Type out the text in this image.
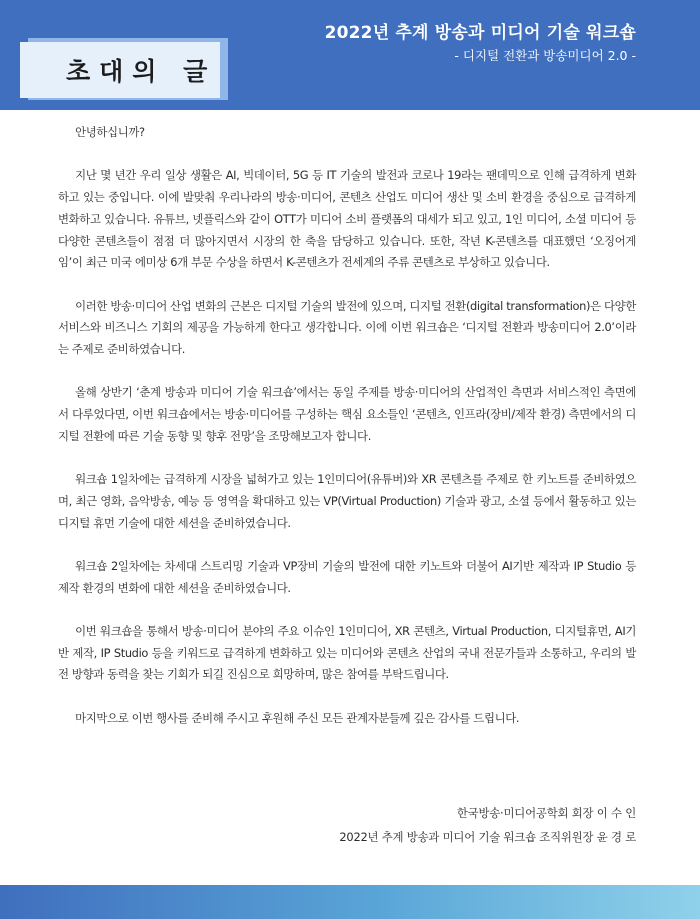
2022년 추계 방송과 미디어 기술 워크숍
- 디지털 전환과 방송미디어 2.0 -
초대의 글

안녕하십니까?

지난 몇 년간 우리 일상 생활은 AI, 빅데이터, 5G 등 IT 기술의 발전과 코로나 19라는 팬데믹으로 인해 급격하게 변화하고 있는 중입니다. 이에 발맞춰 우리나라의 방송·미디어, 콘텐츠 산업도 미디어 생산 및 소비 환경을 중심으로 급격하게 변화하고 있습니다. 유튜브, 넷플릭스와 같이 OTT가 미디어 소비 플랫폼의 대세가 되고 있고, 1인 미디어, 소셜 미디어 등 다양한 콘텐츠들이 점점 더 많아지면서 시장의 한 축을 담당하고 있습니다. 또한, 작년 K-콘텐츠를 대표했던 ‘오징어게임’이 최근 미국 에미상 6개 부문 수상을 하면서 K-콘텐츠가 전세계의 주류 콘텐츠로 부상하고 있습니다.

이러한 방송·미디어 산업 변화의 근본은 디지털 기술의 발전에 있으며, 디지털 전환(digital transformation)은 다양한 서비스와 비즈니스 기회의 제공을 가능하게 한다고 생각합니다. 이에 이번 워크숍은 ‘디지털 전환과 방송미디어 2.0’이라는 주제로 준비하였습니다.

올해 상반기 ‘춘계 방송과 미디어 기술 워크숍’에서는 동일 주제를 방송·미디어의 산업적인 측면과 서비스적인 측면에서 다루었다면, 이번 워크숍에서는 방송·미디어를 구성하는 핵심 요소들인 ‘콘텐츠, 인프라(장비/제작 환경) 측면에서의 디지털 전환에 따른 기술 동향 및 향후 전망’을 조망해보고자 합니다.

워크숍 1일차에는 급격하게 시장을 넓혀가고 있는 1인미디어(유튜버)와 XR 콘텐츠를 주제로 한 키노트를 준비하였으며, 최근 영화, 음악방송, 예능 등 영역을 확대하고 있는 VP(Virtual Production) 기술과 광고, 소셜 등에서 활동하고 있는 디지털 휴먼 기술에 대한 세션을 준비하였습니다.

워크숍 2일차에는 차세대 스트리밍 기술과 VP장비 기술의 발전에 대한 키노트와 더불어 AI기반 제작과 IP Studio 등 제작 환경의 변화에 대한 세션을 준비하였습니다.

이번 워크숍을 통해서 방송·미디어 분야의 주요 이슈인 1인미디어, XR 콘텐츠, Virtual Production, 디지털휴먼, AI기반 제작, IP Studio 등을 키워드로 급격하게 변화하고 있는 미디어와 콘텐츠 산업의 국내 전문가들과 소통하고, 우리의 발전 방향과 동력을 찾는 기회가 되길 진심으로 희망하며, 많은 참여를 부탁드립니다.

마지막으로 이번 행사를 준비해 주시고 후원해 주신 모든 관계자분들께 깊은 감사를 드립니다.

한국방송·미디어공학회 회장 이 수 인
2022년 추계 방송과 미디어 기술 워크숍 조직위원장 윤 경 로
